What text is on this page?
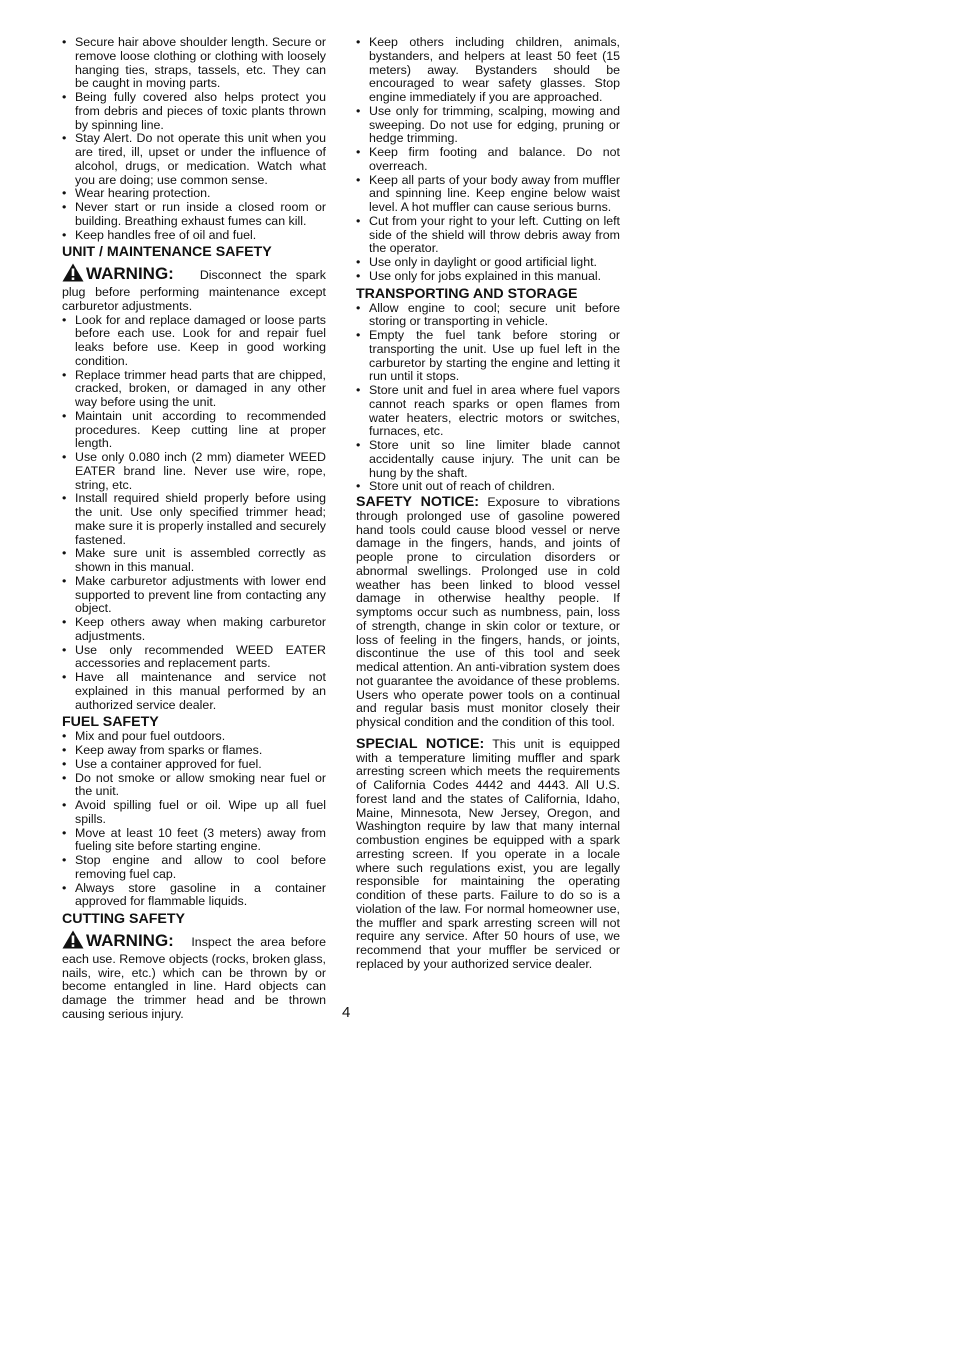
• Secure hair above shoulder length. Secure or remove loose clothing or clothing with loosely hanging ties, straps, tassels, etc. They can be caught in moving parts.
• Being fully covered also helps protect you from debris and pieces of toxic plants thrown by spinning line.
• Stay Alert. Do not operate this unit when you are tired, ill, upset or under the influence of alcohol, drugs, or medication. Watch what you are doing; use common sense.
• Wear hearing protection.
• Never start or run inside a closed room or building. Breathing exhaust fumes can kill.
• Keep handles free of oil and fuel.
UNIT / MAINTENANCE SAFETY
WARNING: Disconnect the spark plug before performing maintenance except carburetor adjustments.
• Look for and replace damaged or loose parts before each use. Look for and repair fuel leaks before use. Keep in good working condition.
• Replace trimmer head parts that are chipped, cracked, broken, or damaged in any other way before using the unit.
• Maintain unit according to recommended procedures. Keep cutting line at proper length.
• Use only 0.080 inch (2 mm) diameter WEED EATER brand line. Never use wire, rope, string, etc.
• Install required shield properly before using the unit. Use only specified trimmer head; make sure it is properly installed and securely fastened.
• Make sure unit is assembled correctly as shown in this manual.
• Make carburetor adjustments with lower end supported to prevent line from contacting any object.
• Keep others away when making carburetor adjustments.
• Use only recommended WEED EATER accessories and replacement parts.
• Have all maintenance and service not explained in this manual performed by an authorized service dealer.
FUEL SAFETY
• Mix and pour fuel outdoors.
• Keep away from sparks or flames.
• Use a container approved for fuel.
• Do not smoke or allow smoking near fuel or the unit.
• Avoid spilling fuel or oil. Wipe up all fuel spills.
• Move at least 10 feet (3 meters) away from fueling site before starting engine.
• Stop engine and allow to cool before removing fuel cap.
• Always store gasoline in a container approved for flammable liquids.
CUTTING SAFETY
WARNING: Inspect the area before each use. Remove objects (rocks, broken glass, nails, wire, etc.) which can be thrown by or become entangled in line. Hard objects can damage the trimmer head and be thrown causing serious injury.
• Keep others including children, animals, bystanders, and helpers at least 50 feet (15 meters) away. Bystanders should be encouraged to wear safety glasses. Stop engine immediately if you are approached.
• Use only for trimming, scalping, mowing and sweeping. Do not use for edging, pruning or hedge trimming.
• Keep firm footing and balance. Do not overreach.
• Keep all parts of your body away from muffler and spinning line. Keep engine below waist level. A hot muffler can cause serious burns.
• Cut from your right to your left. Cutting on left side of the shield will throw debris away from the operator.
• Use only in daylight or good artificial light.
• Use only for jobs explained in this manual.
TRANSPORTING AND STORAGE
• Allow engine to cool; secure unit before storing or transporting in vehicle.
• Empty the fuel tank before storing or transporting the unit. Use up fuel left in the carburetor by starting the engine and letting it run until it stops.
• Store unit and fuel in area where fuel vapors cannot reach sparks or open flames from water heaters, electric motors or switches, furnaces, etc.
• Store unit so line limiter blade cannot accidentally cause injury. The unit can be hung by the shaft.
• Store unit out of reach of children.
SAFETY NOTICE: Exposure to vibrations through prolonged use of gasoline powered hand tools could cause blood vessel or nerve damage in the fingers, hands, and joints of people prone to circulation disorders or abnormal swellings. Prolonged use in cold weather has been linked to blood vessel damage in otherwise healthy people. If symptoms occur such as numbness, pain, loss of strength, change in skin color or texture, or loss of feeling in the fingers, hands, or joints, discontinue the use of this tool and seek medical attention. An anti-vibration system does not guarantee the avoidance of these problems. Users who operate power tools on a continual and regular basis must monitor closely their physical condition and the condition of this tool.
SPECIAL NOTICE: This unit is equipped with a temperature limiting muffler and spark arresting screen which meets the requirements of California Codes 4442 and 4443. All U.S. forest land and the states of California, Idaho, Maine, Minnesota, New Jersey, Oregon, and Washington require by law that many internal combustion engines be equipped with a spark arresting screen. If you operate in a locale where such regulations exist, you are legally responsible for maintaining the operating condition of these parts. Failure to do so is a violation of the law. For normal homeowner use, the muffler and spark arresting screen will not require any service. After 50 hours of use, we recommend that your muffler be serviced or replaced by your authorized service dealer.
4
